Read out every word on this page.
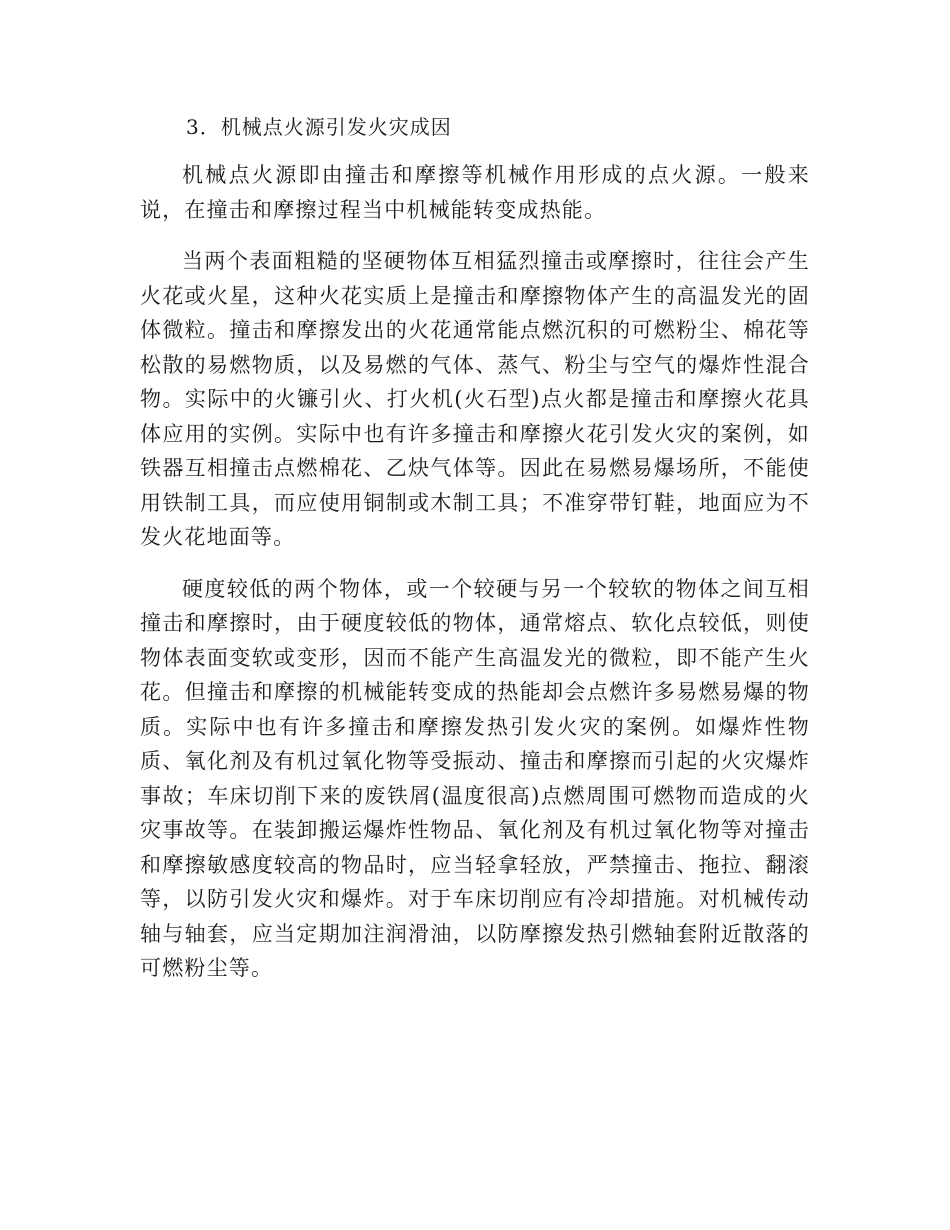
3．机械点火源引发火灾成因

机械点火源即由撞击和摩擦等机械作用形成的点火源。一般来说，在撞击和摩擦过程当中机械能转变成热能。

当两个表面粗糙的坚硬物体互相猛烈撞击或摩擦时，往往会产生火花或火星，这种火花实质上是撞击和摩擦物体产生的高温发光的固体微粒。撞击和摩擦发出的火花通常能点燃沉积的可燃粉尘、棉花等松散的易燃物质，以及易燃的气体、蒸气、粉尘与空气的爆炸性混合物。实际中的火镰引火、打火机(火石型)点火都是撞击和摩擦火花具体应用的实例。实际中也有许多撞击和摩擦火花引发火灾的案例，如铁器互相撞击点燃棉花、乙炔气体等。因此在易燃易爆场所，不能使用铁制工具，而应使用铜制或木制工具；不准穿带钉鞋，地面应为不发火花地面等。

硬度较低的两个物体，或一个较硬与另一个较软的物体之间互相撞击和摩擦时，由于硬度较低的物体，通常熔点、软化点较低，则使物体表面变软或变形，因而不能产生高温发光的微粒，即不能产生火花。但撞击和摩擦的机械能转变成的热能却会点燃许多易燃易爆的物质。实际中也有许多撞击和摩擦发热引发火灾的案例。如爆炸性物质、氧化剂及有机过氧化物等受振动、撞击和摩擦而引起的火灾爆炸事故；车床切削下来的废铁屑(温度很高)点燃周围可燃物而造成的火灾事故等。在装卸搬运爆炸性物品、氧化剂及有机过氧化物等对撞击和摩擦敏感度较高的物品时，应当轻拿轻放，严禁撞击、拖拉、翻滚等，以防引发火灾和爆炸。对于车床切削应有冷却措施。对机械传动轴与轴套，应当定期加注润滑油，以防摩擦发热引燃轴套附近散落的可燃粉尘等。
